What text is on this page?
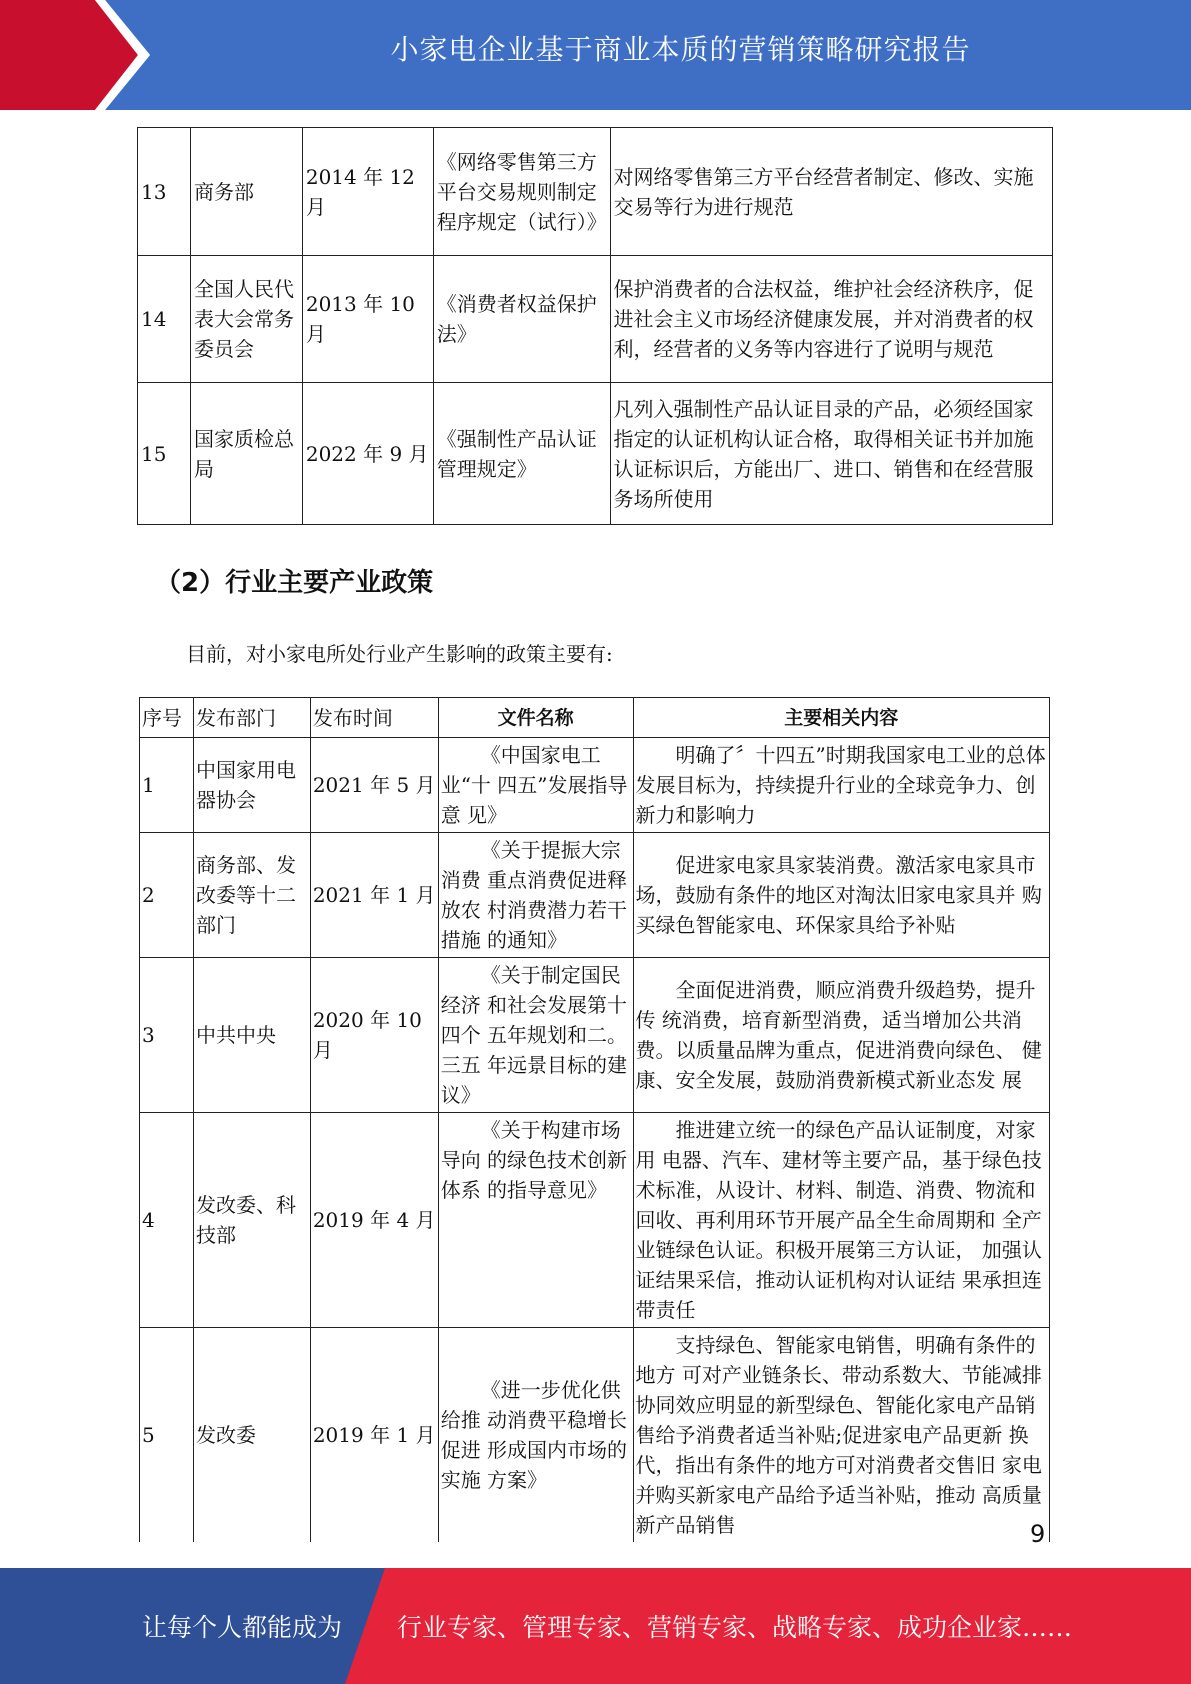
小家电企业基于商业本质的营销策略研究报告
13	商务部	2014 年 12 月	《网络零售第三方平台交易规则制定程序规定（试行）》	对网络零售第三方平台经营者制定、修改、实施交易等行为进行规范
14	全国人民代表大会常务委员会	2013 年 10 月	《消费者权益保护法》	保护消费者的合法权益，维护社会经济秩序，促进社会主义市场经济健康发展，并对消费者的权利，经营者的义务等内容进行了说明与规范
15	国家质检总局	2022 年 9 月	《强制性产品认证管理规定》	凡列入强制性产品认证目录的产品，必须经国家指定的认证机构认证合格，取得相关证书并加施认证标识后，方能出厂、进口、销售和在经营服务场所使用
（2）行业主要产业政策
目前，对小家电所处行业产生影响的政策主要有:
序号	发布部门	发布时间	文件名称	主要相关内容
1	中国家用电器协会	2021 年 5 月	《中国家电工业“十 四五”发展指导意 见》	明确了〞十四五”时期我国家电工业的总体 发展目标为，持续提升行业的全球竞争力、创新力和影响力
2	商务部、发改委等十二部门	2021 年 1 月	《关于提振大宗消费 重点消费促进释放农 村消费潜力若干措施 的通知》	促进家电家具家装消费。激活家电家具市场，鼓励有条件的地区对淘汰旧家电家具并 购买绿色智能家电、环保家具给予补贴
3	中共中央	2020 年 10 月	《关于制定国民经济 和社会发展第十四个 五年规划和二。三五 年远景目标的建议》	全面促进消费，顺应消费升级趋势，提升传 统消费，培育新型消费，适当增加公共消费。以质量品牌为重点，促进消费向绿色、 健康、安全发展，鼓励消费新模式新业态发 展
4	发改委、科技部	2019 年 4 月	《关于构建市场导向 的绿色技术创新体系 的指导意见》	推进建立统一的绿色产品认证制度，对家用 电器、汽车、建材等主要产品，基于绿色技术标准，从设计、材料、制造、消费、物流和回收、再利用环节开展产品全生命周期和 全产业链绿色认证。积极开展第三方认证， 加强认证结果采信，推动认证机构对认证结 果承担连带责任
5	发改委	2019 年 1 月	《进一步优化供给推 动消费平稳增长促进 形成国内市场的实施 方案》	支持绿色、智能家电销售，明确有条件的地方 可对产业链条长、带动系数大、节能减排协同效应明显的新型绿色、智能化家电产品销 售给予消费者适当补贴;促进家电产品更新 换代，指出有条件的地方可对消费者交售旧 家电并购买新家电产品给予适当补贴，推动 高质量新产品销售	9
让每个人都能成为 行业专家、管理专家、营销专家、战略专家、成功企业家……
